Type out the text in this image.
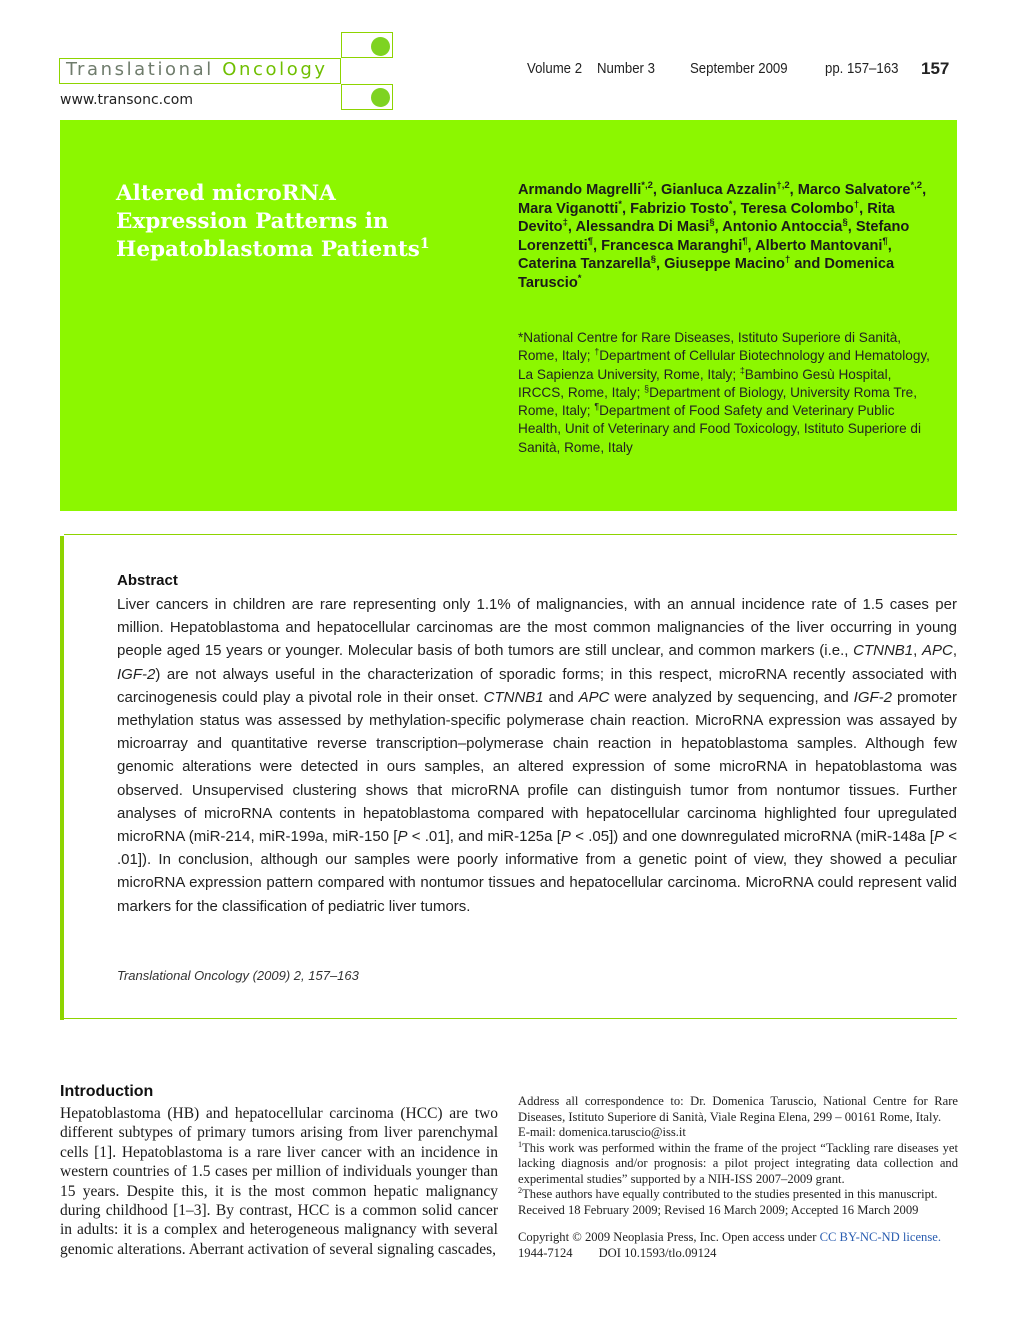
Translational Oncology
www.transonc.com
Volume 2 Number 3 September 2009 pp. 157–163 157
Altered microRNA Expression Patterns in Hepatoblastoma Patients$^1$
Armando Magrelli$^{*,2}$, Gianluca Azzalin$^{\dagger,2}$, Marco Salvatore$^{*,2}$, Mara Viganotti*, Fabrizio Tosto*, Teresa Colombo†, Rita Devito‡, Alessandra Di Masi§, Antonio Antoccia§, Stefano Lorenzetti¶, Francesca Maranghi¶, Alberto Mantovani¶, Caterina Tanzarella§, Giuseppe Macino† and Domenica Taruscio*
*National Centre for Rare Diseases, Istituto Superiore di Sanità, Rome, Italy; †Department of Cellular Biotechnology and Hematology, La Sapienza University, Rome, Italy; ‡Bambino Gesù Hospital, IRCCS, Rome, Italy; §Department of Biology, University Roma Tre, Rome, Italy; ¶Department of Food Safety and Veterinary Public Health, Unit of Veterinary and Food Toxicology, Istituto Superiore di Sanità, Rome, Italy
Abstract
Liver cancers in children are rare representing only 1.1% of malignancies, with an annual incidence rate of 1.5 cases per million. Hepatoblastoma and hepatocellular carcinomas are the most common malignancies of the liver occurring in young people aged 15 years or younger. Molecular basis of both tumors are still unclear, and common markers (i.e., CTNNB1, APC, IGF-2) are not always useful in the characterization of sporadic forms; in this respect, microRNA recently associated with carcinogenesis could play a pivotal role in their onset. CTNNB1 and APC were analyzed by sequencing, and IGF-2 promoter methylation status was assessed by methylation-specific polymerase chain reaction. MicroRNA expression was assayed by microarray and quantitative reverse transcription–polymerase chain reaction in hepatoblastoma samples. Although few genomic alterations were detected in ours samples, an altered expression of some microRNA in hepatoblastoma was observed. Unsupervised clustering shows that microRNA profile can distinguish tumor from nontumor tissues. Further analyses of microRNA contents in hepatoblastoma compared with hepatocellular carcinoma highlighted four upregulated microRNA (miR-214, miR-199a, miR-150 [P < .01], and miR-125a [P < .05]) and one downregulated microRNA (miR-148a [P < .01]). In conclusion, although our samples were poorly informative from a genetic point of view, they showed a peculiar microRNA expression pattern compared with nontumor tissues and hepatocellular carcinoma. MicroRNA could represent valid markers for the classification of pediatric liver tumors.
Translational Oncology (2009) 2, 157–163
Introduction
Hepatoblastoma (HB) and hepatocellular carcinoma (HCC) are two different subtypes of primary tumors arising from liver parenchymal cells [1]. Hepatoblastoma is a rare liver cancer with an incidence in western countries of 1.5 cases per million of individuals younger than 15 years. Despite this, it is the most common hepatic malignancy during childhood [1–3]. By contrast, HCC is a common solid cancer in adults: it is a complex and heterogeneous malignancy with several genomic alterations. Aberrant activation of several signaling cascades,
Address all correspondence to: Dr. Domenica Taruscio, National Centre for Rare Diseases, Istituto Superiore di Sanità, Viale Regina Elena, 299 – 00161 Rome, Italy.
E-mail: domenica.taruscio@iss.it
$^1$This work was performed within the frame of the project “Tackling rare diseases yet lacking diagnosis and/or prognosis: a pilot project integrating data collection and experimental studies” supported by a NIH-ISS 2007–2009 grant.
$^2$These authors have equally contributed to the studies presented in this manuscript.
Received 18 February 2009; Revised 16 March 2009; Accepted 16 March 2009
Copyright © 2009 Neoplasia Press, Inc. Open access under CC BY-NC-ND license.
1944-7124 DOI 10.1593/tlo.09124
